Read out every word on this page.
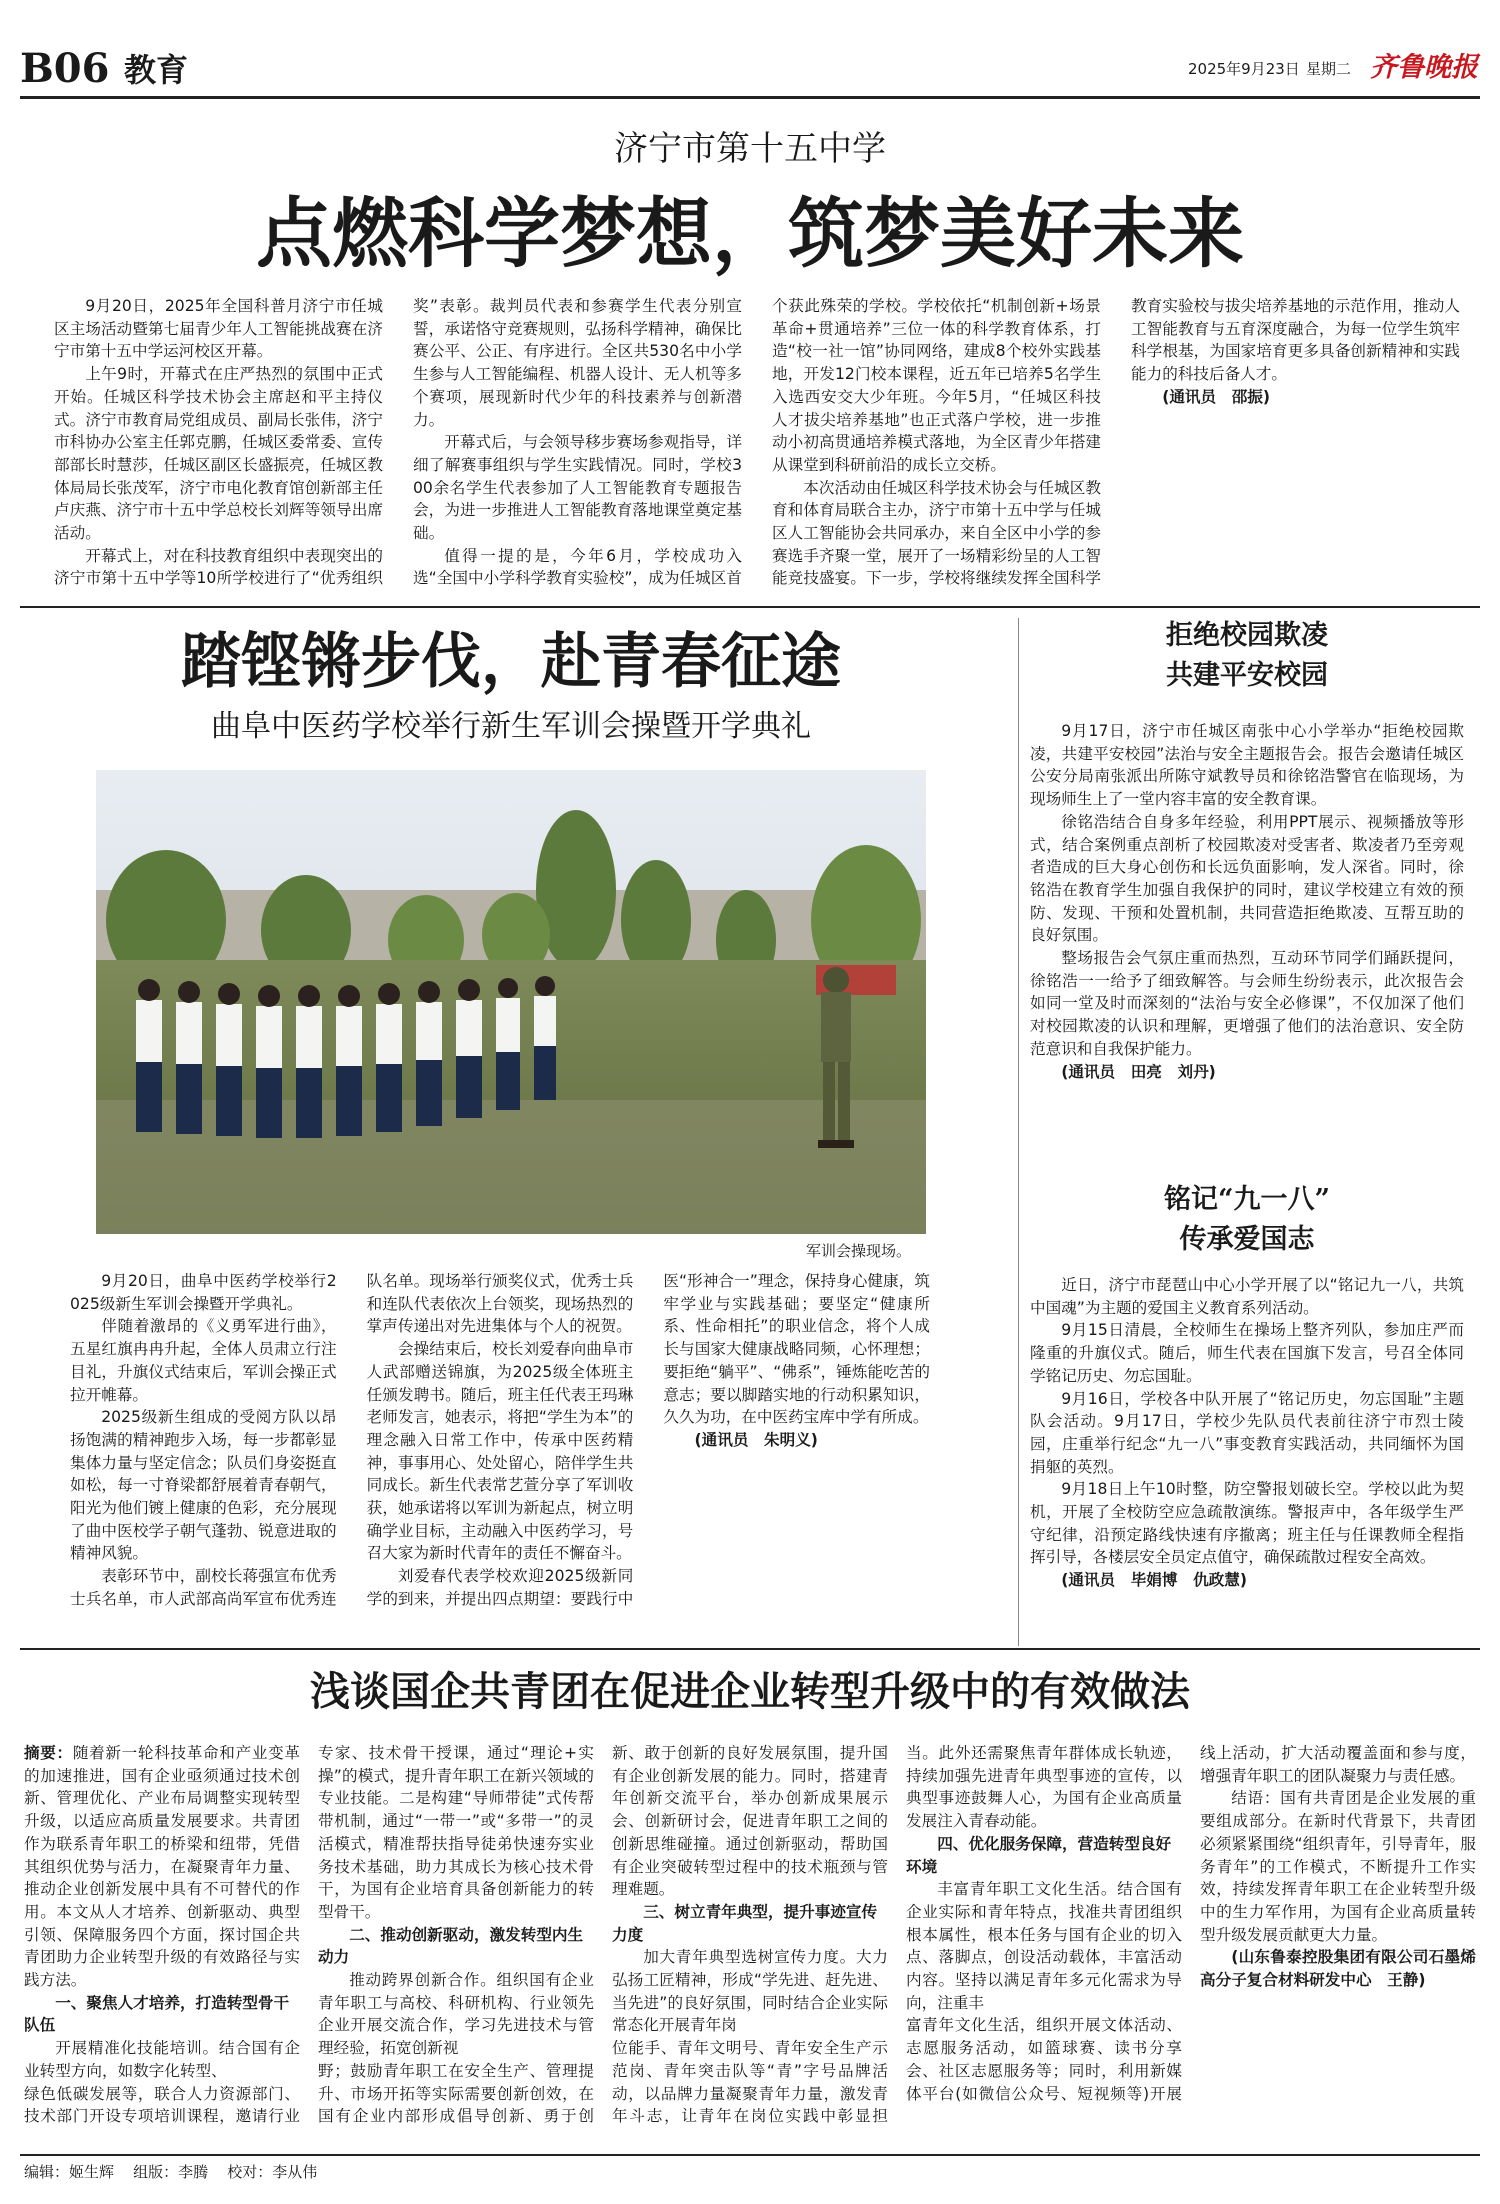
B06 教育	2025年9月23日 星期二 齐鲁晚报
济宁市第十五中学
点燃科学梦想，筑梦美好未来

9月20日，2025年全国科普月济宁市任城区主场活动暨第七届青少年人工智能挑战赛在济宁市第十五中学运河校区开幕。

上午9时，开幕式在庄严热烈的氛围中正式开始。任城区科学技术协会主席赵和平主持仪式。济宁市教育局党组成员、副局长张伟，济宁市科协办公室主任郭克鹏，任城区委常委、宣传部部长时慧莎，任城区副区长盛振亮，任城区教体局局长张茂军，济宁市电化教育馆创新部主任卢庆燕、济宁市十五中学总校长刘辉等领导出席活动。

开幕式上，对在科技教育组织中表现突出的济宁市第十五中学等10所学校进行了“优秀组织奖”表彰。裁判员代表和参赛学生代表分别宣誓，承诺恪守竞赛规则，弘扬科学精神，确保比赛公平、公正、有序进行。全区共530名中小学生参与人工智能编程、机器人设计、无人机等多个赛项，展现新时代少年的科技素养与创新潜力。

开幕式后，与会领导移步赛场参观指导，详细了解赛事组织与学生实践情况。同时，学校300余名学生代表参加了人工智能教育专题报告会，为进一步推进人工智能教育落地课堂奠定基础。

值得一提的是，今年6月，学校成功入选“全国中小学科学教育实验校”，成为任城区首个获此殊荣的学校。学校依托“机制创新+场景革命+贯通培养”三位一体的科学教育体系，打造“校一社一馆”协同网络，建成8个校外实践基地，开发12门校本课程，近五年已培养5名学生入选西安交大少年班。今年5月，“任城区科技人才拔尖培养基地”也正式落户学校，进一步推动小初高贯通培养模式落地，为全区青少年搭建从课堂到科研前沿的成长立交桥。

本次活动由任城区科学技术协会与任城区教育和体育局联合主办，济宁市第十五中学与任城区人工智能协会共同承办，来自全区中小学的参赛选手齐聚一堂，展开了一场精彩纷呈的人工智能竞技盛宴。下一步，学校将继续发挥全国科学教育实验校与拔尖培养基地的示范作用，推动人工智能教育与五育深度融合，为每一位学生筑牢科学根基，为国家培育更多具备创新精神和实践能力的科技后备人才。

(通讯员　邵振)

踏铿锵步伐，赴青春征途
曲阜中医药学校举行新生军训会操暨开学典礼
军训会操现场。

9月20日，曲阜中医药学校举行2025级新生军训会操暨开学典礼。

伴随着激昂的《义勇军进行曲》，五星红旗冉冉升起，全体人员肃立行注目礼，升旗仪式结束后，军训会操正式拉开帷幕。

2025级新生组成的受阅方队以昂扬饱满的精神跑步入场，每一步都彰显集体力量与坚定信念；队员们身姿挺直如松，每一寸脊梁都舒展着青春朝气，阳光为他们镀上健康的色彩，充分展现了曲中医校学子朝气蓬勃、锐意进取的精神风貌。

表彰环节中，副校长蒋强宣布优秀士兵名单，市人武部高尚军宣布优秀连队名单。现场举行颁奖仪式，优秀士兵和连队代表依次上台领奖，现场热烈的掌声传递出对先进集体与个人的祝贺。

会操结束后，校长刘爱春向曲阜市人武部赠送锦旗，为2025级全体班主任颁发聘书。随后，班主任代表王玛琳老师发言，她表示，将把“学生为本”的理念融入日常工作中，传承中医药精神，事事用心、处处留心，陪伴学生共同成长。新生代表常艺萱分享了军训收获，她承诺将以军训为新起点，树立明确学业目标，主动融入中医药学习，号召大家为新时代青年的责任不懈奋斗。

刘爱春代表学校欢迎2025级新同学的到来，并提出四点期望：要践行中医“形神合一”理念，保持身心健康，筑牢学业与实践基础；要坚定“健康所系、性命相托”的职业信念，将个人成长与国家大健康战略同频，心怀理想；要拒绝“躺平”、“佛系”，锤炼能吃苦的意志；要以脚踏实地的行动积累知识，久久为功，在中医药宝库中学有所成。

(通讯员　朱明义)

拒绝校园欺凌
共建平安校园

9月17日，济宁市任城区南张中心小学举办“拒绝校园欺凌，共建平安校园”法治与安全主题报告会。报告会邀请任城区公安分局南张派出所陈守斌教导员和徐铭浩警官在临现场，为现场师生上了一堂内容丰富的安全教育课。

徐铭浩结合自身多年经验，利用PPT展示、视频播放等形式，结合案例重点剖析了校园欺凌对受害者、欺凌者乃至旁观者造成的巨大身心创伤和长远负面影响，发人深省。同时，徐铭浩在教育学生加强自我保护的同时，建议学校建立有效的预防、发现、干预和处置机制，共同营造拒绝欺凌、互帮互助的良好氛围。

整场报告会气氛庄重而热烈，互动环节同学们踊跃提问，徐铭浩一一给予了细致解答。与会师生纷纷表示，此次报告会如同一堂及时而深刻的“法治与安全必修课”，不仅加深了他们对校园欺凌的认识和理解，更增强了他们的法治意识、安全防范意识和自我保护能力。

(通讯员　田亮　刘丹)

铭记“九一八”
传承爱国志

近日，济宁市琵琶山中心小学开展了以“铭记九一八，共筑中国魂”为主题的爱国主义教育系列活动。

9月15日清晨，全校师生在操场上整齐列队，参加庄严而隆重的升旗仪式。随后，师生代表在国旗下发言，号召全体同学铭记历史、勿忘国耻。

9月16日，学校各中队开展了“铭记历史，勿忘国耻”主题队会活动。9月17日，学校少先队员代表前往济宁市烈士陵园，庄重举行纪念“九一八”事变教育实践活动，共同缅怀为国捐躯的英烈。

9月18日上午10时整，防空警报划破长空。学校以此为契机，开展了全校防空应急疏散演练。警报声中，各年级学生严守纪律，沿预定路线快速有序撤离；班主任与任课教师全程指挥引导，各楼层安全员定点值守，确保疏散过程安全高效。

(通讯员　毕娟博　仇政慧)

浅谈国企共青团在促进企业转型升级中的有效做法

摘要：随着新一轮科技革命和产业变革的加速推进，国有企业亟须通过技术创新、管理优化、产业布局调整实现转型升级，以适应高质量发展要求。共青团作为联系青年职工的桥梁和纽带，凭借其组织优势与活力，在凝聚青年力量、推动企业创新发展中具有不可替代的作用。本文从人才培养、创新驱动、典型引领、保障服务四个方面，探讨国企共青团助力企业转型升级的有效路径与实践方法。

一、聚焦人才培养，打造转型骨干队伍

开展精准化技能培训。结合国有企业转型方向，如数字化转型、

绿色低碳发展等，联合人力资源部门、技术部门开设专项培训课程，邀请行业专家、技术骨干授课，通过“理论+实操”的模式，提升青年职工在新兴领域的专业技能。二是构建“导师带徒”式传帮带机制，通过“一带一”或“多带一”的灵活模式，精准帮扶指导徒弟快速夯实业务技术基础，助力其成长为核心技术骨干，为国有企业培育具备创新能力的转型骨干。

二、推动创新驱动，激发转型内生动力

推动跨界创新合作。组织国有企业青年职工与高校、科研机构、行业领先企业开展交流合作，学习先进技术与管理经验，拓宽创新视

野；鼓励青年职工在安全生产、管理提升、市场开拓等实际需要创新创效，在国有企业内部形成倡导创新、勇于创新、敢于创新的良好发展氛围，提升国有企业创新发展的能力。同时，搭建青年创新交流平台，举办创新成果展示会、创新研讨会，促进青年职工之间的创新思维碰撞。通过创新驱动，帮助国有企业突破转型过程中的技术瓶颈与管理难题。

三、树立青年典型，提升事迹宣传力度

加大青年典型选树宣传力度。大力弘扬工匠精神，形成“学先进、赶先进、当先进”的良好氛围，同时结合企业实际常态化开展青年岗

位能手、青年文明号、青年安全生产示范岗、青年突击队等“青”字号品牌活动，以品牌力量凝聚青年力量，激发青年斗志，让青年在岗位实践中彰显担当。此外还需聚焦青年群体成长轨迹，持续加强先进青年典型事迹的宣传，以典型事迹鼓舞人心，为国有企业高质量发展注入青春动能。

四、优化服务保障，营造转型良好环境

丰富青年职工文化生活。结合国有企业实际和青年特点，找准共青团组织根本属性，根本任务与国有企业的切入点、落脚点，创设活动载体，丰富活动内容。坚持以满足青年多元化需求为导向，注重丰

富青年文化生活，组织开展文体活动、志愿服务活动，如篮球赛、读书分享会、社区志愿服务等；同时，利用新媒体平台(如微信公众号、短视频等)开展线上活动，扩大活动覆盖面和参与度，增强青年职工的团队凝聚力与责任感。

结语：国有共青团是企业发展的重要组成部分。在新时代背景下，共青团必须紧紧围绕“组织青年，引导青年，服务青年”的工作模式，不断提升工作实效，持续发挥青年职工在企业转型升级中的生力军作用，为国有企业高质量转型升级发展贡献更大力量。

(山东鲁泰控股集团有限公司石墨烯高分子复合材料研发中心　王静)

编辑：姬生辉 组版：李腾 校对：李从伟
